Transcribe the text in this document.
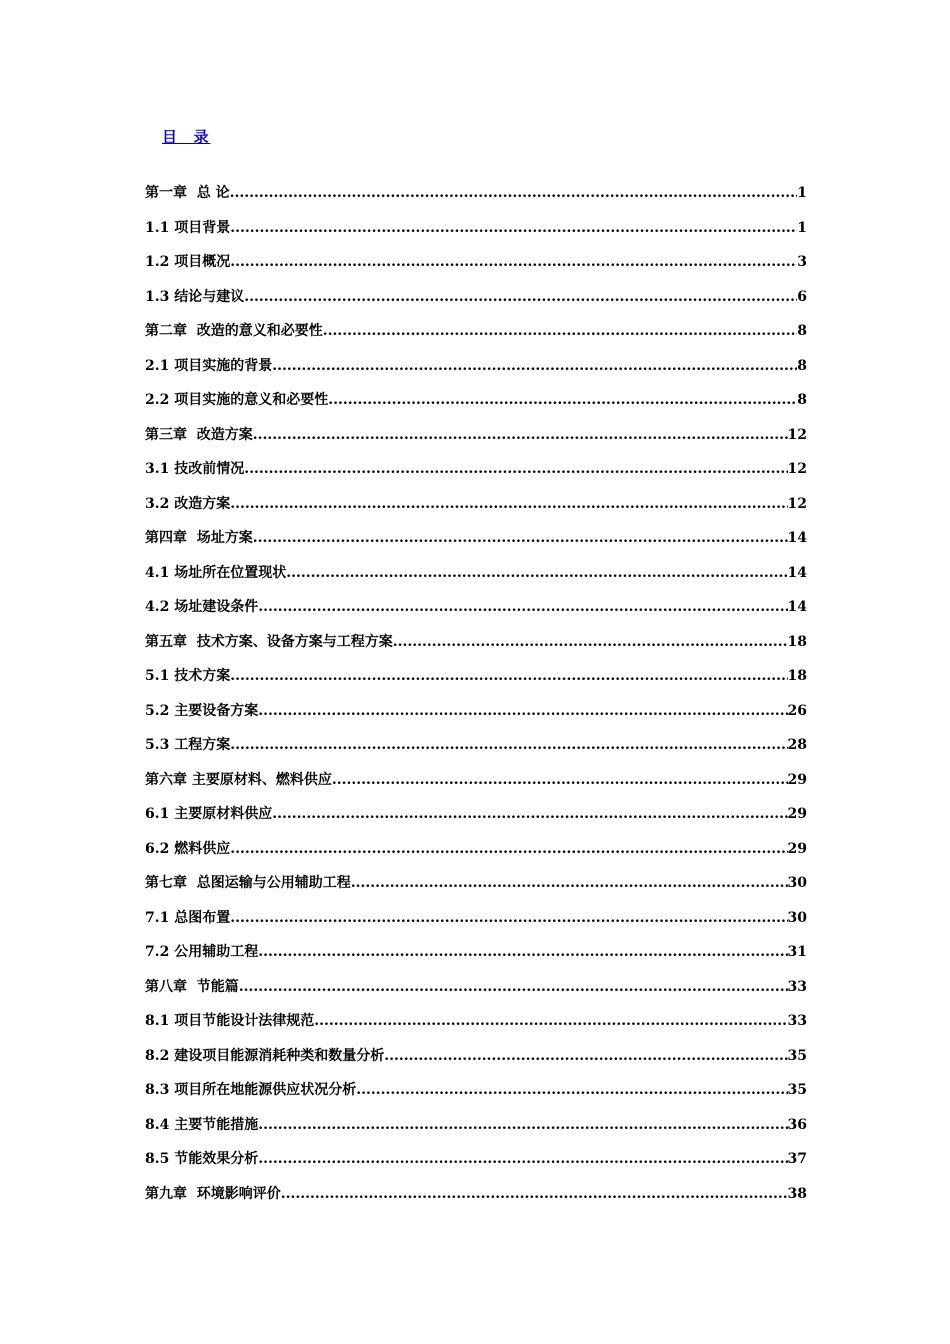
目  录
第一章  总 论 .....	1
1.1 项目背景 .....	1
1.2 项目概况 .....	3
1.3 结论与建议 .....	6
第二章  改造的意义和必要性 .....	8
2.1 项目实施的背景 .....	8
2.2 项目实施的意义和必要性 .....	8
第三章  改造方案 .....	12
3.1 技改前情况 .....	12
3.2 改造方案 .....	12
第四章  场址方案 .....	14
4.1 场址所在位置现状 .....	14
4.2 场址建设条件 .....	14
第五章  技术方案、设备方案与工程方案 .....	18
5.1 技术方案 .....	18
5.2 主要设备方案 .....	26
5.3 工程方案 .....	28
第六章 主要原材料、燃料供应 .....	29
6.1 主要原材料供应 .....	29
6.2 燃料供应 .....	29
第七章  总图运输与公用辅助工程 .....	30
7.1 总图布置 .....	30
7.2 公用辅助工程 .....	31
第八章  节能篇 .....	33
8.1 项目节能设计法律规范 .....	33
8.2 建设项目能源消耗种类和数量分析 .....	35
8.3 项目所在地能源供应状况分析 .....	35
8.4 主要节能措施 .....	36
8.5 节能效果分析 .....	37
第九章  环境影响评价 .....	38
